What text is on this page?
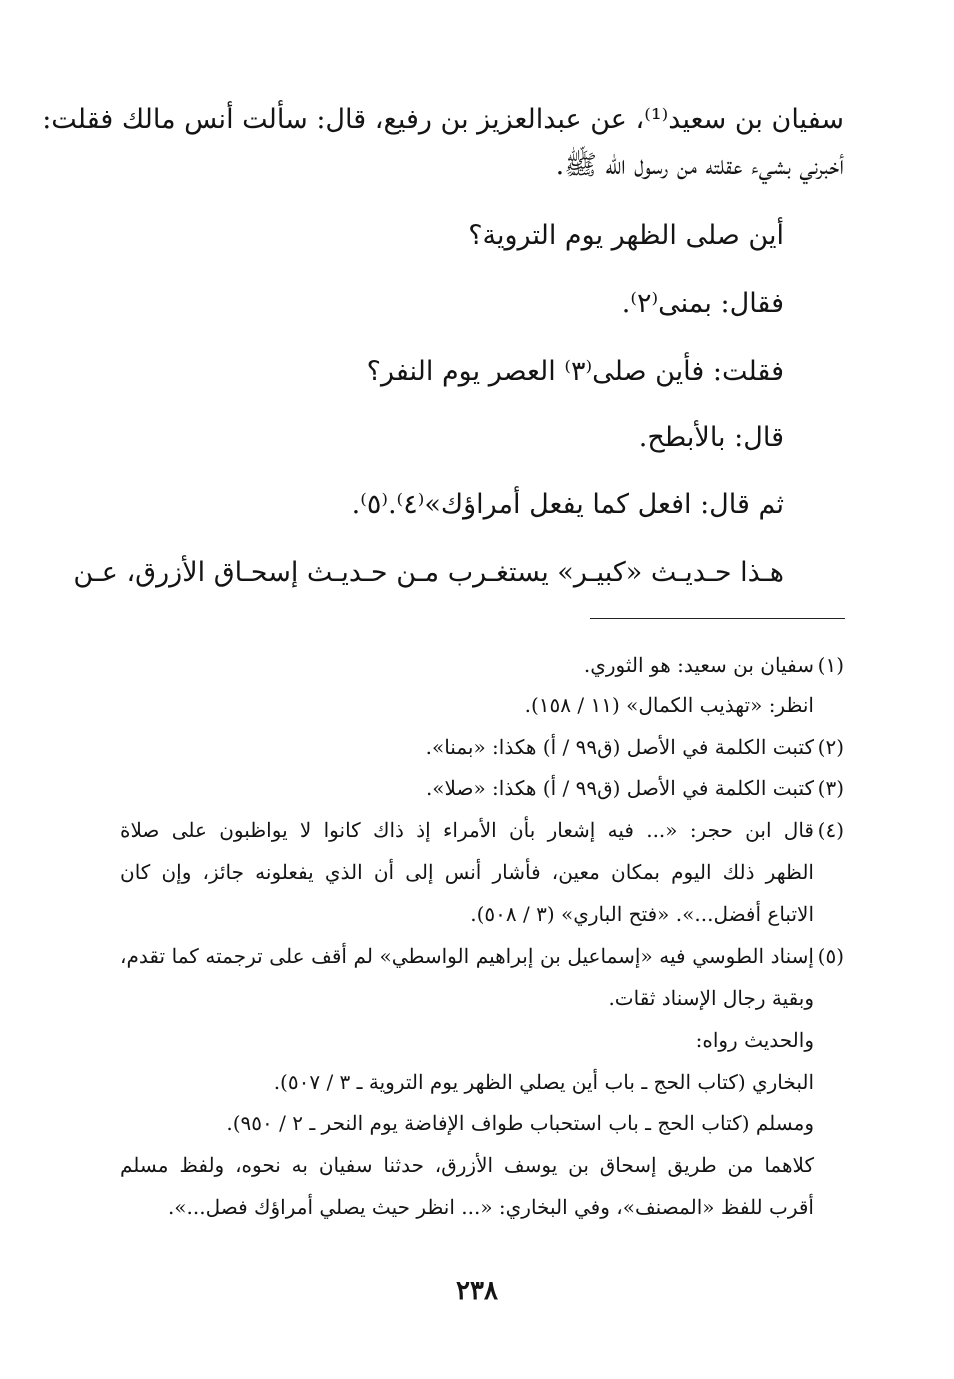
سفيان بن سعيد⁽¹⁾، عن عبدالعزيز بن رفيع، قال: سألت أنس مالك فقلت:
أخبرني بشيء عقلته من رسول الله ﷺ.
أين صلى الظهر يوم التروية؟
فقال: بمنى⁽٢⁾.
فقلت: فأين صلى⁽٣⁾ العصر يوم النفر؟
قال: بالأبطح.
ثم قال: افعل كما يفعل أمراؤك»⁽٤⁾.⁽٥⁾.
هـذا حـديـث «كبيـر» يستغـرب مـن حـديـث إسحـاق الأزرق، عـن
(١)
سفيان بن سعيد: هو الثوري.
انظر: «تهذيب الكمال» (١١ / ١٥٨).
(٢)
كتبت الكلمة في الأصل (ق٩٩ / أ) هكذا: «بمنا».
(٣)
كتبت الكلمة في الأصل (ق٩٩ / أ) هكذا: «صلا».
(٤)
قال ابن حجر: «... فيه إشعار بأن الأمراء إذ ذاك كانوا لا يواظبون على صلاة
الظهر ذلك اليوم بمكان معين، فأشار أنس إلى أن الذي يفعلونه جائز، وإن كان
الاتباع أفضل...». «فتح الباري» (٣ / ٥٠٨).
(٥)
إسناد الطوسي فيه «إسماعيل بن إبراهيم الواسطي» لم أقف على ترجمته كما تقدم،
وبقية رجال الإسناد ثقات.
والحديث رواه:
البخاري (كتاب الحج ـ باب أين يصلي الظهر يوم التروية ـ ٣ / ٥٠٧).
ومسلم (كتاب الحج ـ باب استحباب طواف الإفاضة يوم النحر ـ ٢ / ٩٥٠).
كلاهما من طريق إسحاق بن يوسف الأزرق، حدثنا سفيان به نحوه، ولفظ مسلم
أقرب للفظ «المصنف»، وفي البخاري: «... انظر حيث يصلي أمراؤك فصل...».
٢٣٨
